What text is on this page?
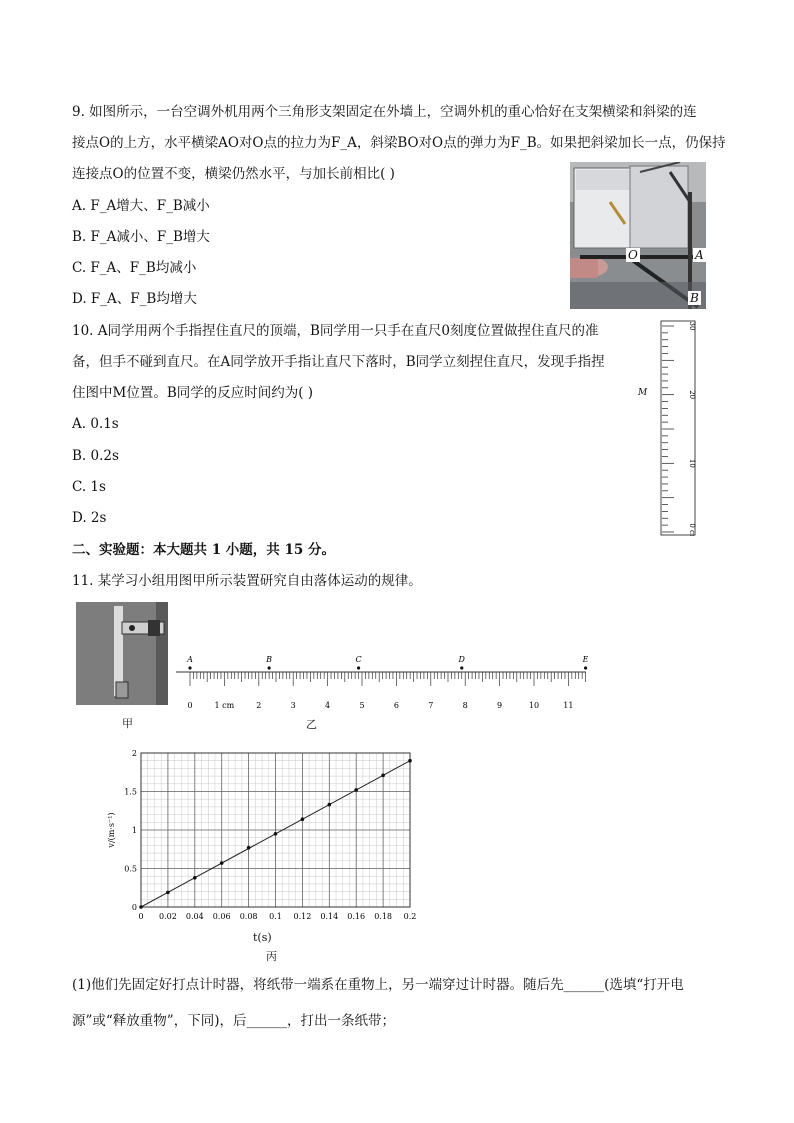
9. 如图所示，一台空调外机用两个三角形支架固定在外墙上，空调外机的重心恰好在支架横梁和斜梁的连
接点O的上方，水平横梁AO对O点的拉力为F_A，斜梁BO对O点的弹力为F_B。如果把斜梁加长一点，仍保持
连接点O的位置不变，横梁仍然水平，与加长前相比( )
A. F_A增大、F_B减小
B. F_A减小、F_B增大
C. F_A、F_B均减小
D. F_A、F_B均增大
O	A
B
10. A同学用两个手指捏住直尺的顶端，B同学用一只手在直尺0刻度位置做捏住直尺的准
备，但手不碰到直尺。在A同学放开手指让直尺下落时，B同学立刻捏住直尺，发现手指捏
住图中M位置。B同学的反应时间约为( )
A. 0.1s
B. 0.2s
C. 1s
D. 2s
M
30
20
10
0 cm
二、实验题：本大题共 1 小题，共 15 分。
11. 某学习小组用图甲所示装置研究自由落体运动的规律。
甲
0	1 cm	2	3	4	5	6	7	8	9	10	11
A	B	C	D	E
乙
0 0.02 0.04 0.06 0.08 0.1 0.12 0.14 0.16 0.18 0.2
0
0.5
1
1.5
2
v/(m·s⁻¹)
t(s)
丙
(1)他们先固定好打点计时器，将纸带一端系在重物上，另一端穿过计时器。随后先______(选填“打开电
源”或“释放重物”，下同)，后______，打出一条纸带；
